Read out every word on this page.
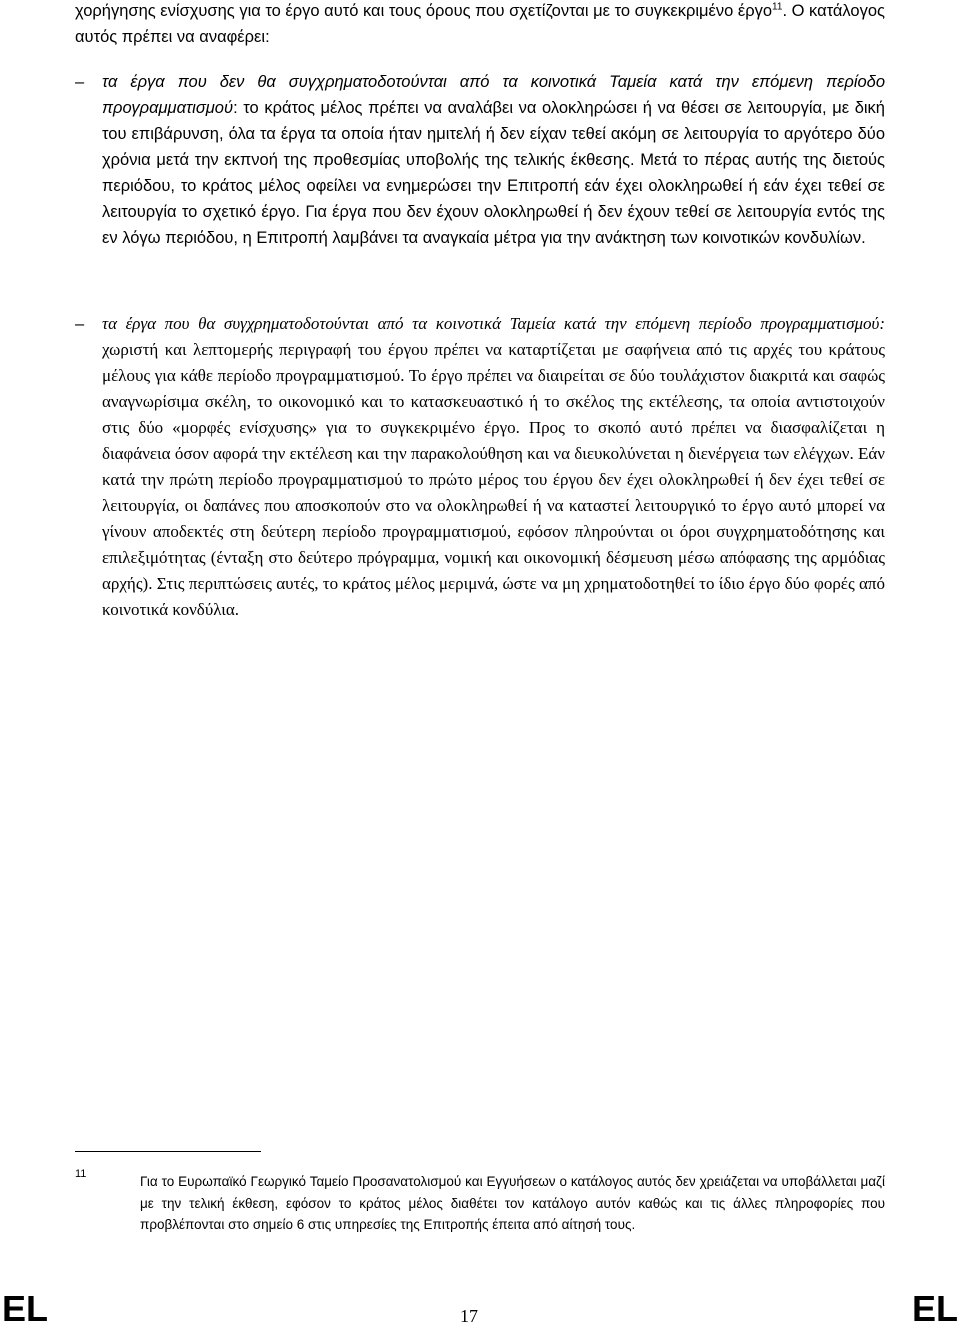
χορήγησης ενίσχυσης για το έργο αυτό και τους όρους που σχετίζονται με το συγκεκριμένο έργο$^{11}$. Ο κατάλογος αυτός πρέπει να αναφέρει:

– τα έργα που δεν θα συγχρηματοδοτούνται από τα κοινοτικά Ταμεία κατά την επόμενη περίοδο προγραμματισμού: το κράτος μέλος πρέπει να αναλάβει να ολοκληρώσει ή να θέσει σε λειτουργία, με δική του επιβάρυνση, όλα τα έργα τα οποία ήταν ημιτελή ή δεν είχαν τεθεί ακόμη σε λειτουργία το αργότερο δύο χρόνια μετά την εκπνοή της προθεσμίας υποβολής της τελικής έκθεσης. Μετά το πέρας αυτής της διετούς περιόδου, το κράτος μέλος οφείλει να ενημερώσει την Επιτροπή εάν έχει ολοκληρωθεί ή εάν έχει τεθεί σε λειτουργία το σχετικό έργο. Για έργα που δεν έχουν ολοκληρωθεί ή δεν έχουν τεθεί σε λειτουργία εντός της εν λόγω περιόδου, η Επιτροπή λαμβάνει τα αναγκαία μέτρα για την ανάκτηση των κοινοτικών κονδυλίων.
– τα έργα που θα συγχρηματοδοτούνται από τα κοινοτικά Ταμεία κατά την επόμενη περίοδο προγραμματισμού: χωριστή και λεπτομερής περιγραφή του έργου πρέπει να καταρτίζεται με σαφήνεια από τις αρχές του κράτους μέλους για κάθε περίοδο προγραμματισμού. Το έργο πρέπει να διαιρείται σε δύο τουλάχιστον διακριτά και σαφώς αναγνωρίσιμα σκέλη, το οικονομικό και το κατασκευαστικό ή το σκέλος της εκτέλεσης, τα οποία αντιστοιχούν στις δύο «μορφές ενίσχυσης» για το συγκεκριμένο έργο. Προς το σκοπό αυτό πρέπει να διασφαλίζεται η διαφάνεια όσον αφορά την εκτέλεση και την παρακολούθηση και να διευκολύνεται η διενέργεια των ελέγχων. Εάν κατά την πρώτη περίοδο προγραμματισμού το πρώτο μέρος του έργου δεν έχει ολοκληρωθεί ή δεν έχει τεθεί σε λειτουργία, οι δαπάνες που αποσκοπούν στο να ολοκληρωθεί ή να καταστεί λειτουργικό το έργο αυτό μπορεί να γίνουν αποδεκτές στη δεύτερη περίοδο προγραμματισμού, εφόσον πληρούνται οι όροι συγχρηματοδότησης και επιλεξιμότητας (ένταξη στο δεύτερο πρόγραμμα, νομική και οικονομική δέσμευση μέσω απόφασης της αρμόδιας αρχής). Στις περιπτώσεις αυτές, το κράτος μέλος μεριμνά, ώστε να μη χρηματοδοτηθεί το ίδιο έργο δύο φορές από κοινοτικά κονδύλια.
11	Για το Ευρωπαϊκό Γεωργικό Ταμείο Προσανατολισμού και Εγγυήσεων ο κατάλογος αυτός δεν χρειάζεται να υποβάλλεται μαζί με την τελική έκθεση, εφόσον το κράτος μέλος διαθέτει τον κατάλογο αυτόν καθώς και τις άλλες πληροφορίες που προβλέπονται στο σημείο 6 στις υπηρεσίες της Επιτροπής έπειτα από αίτησή τους.
EL	17	EL
